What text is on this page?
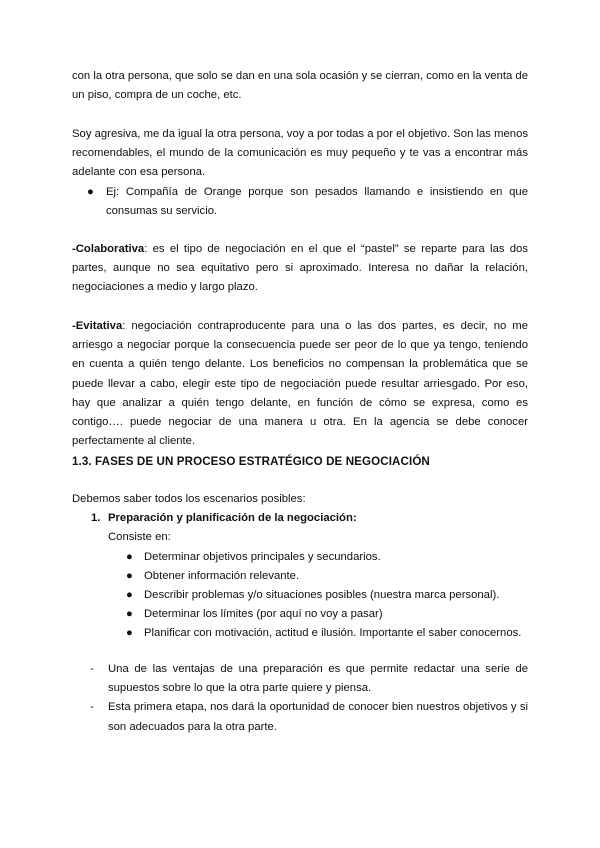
con la otra persona, que solo se dan en una sola ocasión y se cierran, como en la venta de un piso, compra de un coche, etc.

Soy agresiva, me da igual la otra persona, voy a por todas a por el objetivo. Son las menos recomendables, el mundo de la comunicación es muy pequeño y te vas a encontrar más adelante con esa persona.

● Ej: Compañía de Orange porque son pesados llamando e insistiendo en que consumas su servicio.

-Colaborativa: es el tipo de negociación en el que el “pastel” se reparte para las dos partes, aunque no sea equitativo pero si aproximado. Interesa no dañar la relación, negociaciones a medio y largo plazo.

-Evitativa: negociación contraproducente para una o las dos partes, es decir, no me arriesgo a negociar porque la consecuencia puede ser peor de lo que ya tengo, teniendo en cuenta a quién tengo delante. Los beneficios no compensan la problemática que se puede llevar a cabo, elegir este tipo de negociación puede resultar arriesgado. Por eso, hay que analizar a quién tengo delante, en función de cómo se expresa, como es contigo…. puede negociar de una manera u otra. En la agencia se debe conocer perfectamente al cliente.

1.3. FASES DE UN PROCESO ESTRATÉGICO DE NEGOCIACIÓN

Debemos saber todos los escenarios posibles:

1. Preparación y planificación de la negociación:

Consiste en:

● Determinar objetivos principales y secundarios.
● Obtener información relevante.
● Describir problemas y/o situaciones posibles (nuestra marca personal).
● Determinar los límites (por aquí no voy a pasar)
● Planificar con motivación, actitud e ilusión. Importante el saber conocernos.
- Una de las ventajas de una preparación es que permite redactar una serie de supuestos sobre lo que la otra parte quiere y piensa.
- Esta primera etapa, nos dará la oportunidad de conocer bien nuestros objetivos y si son adecuados para la otra parte.
